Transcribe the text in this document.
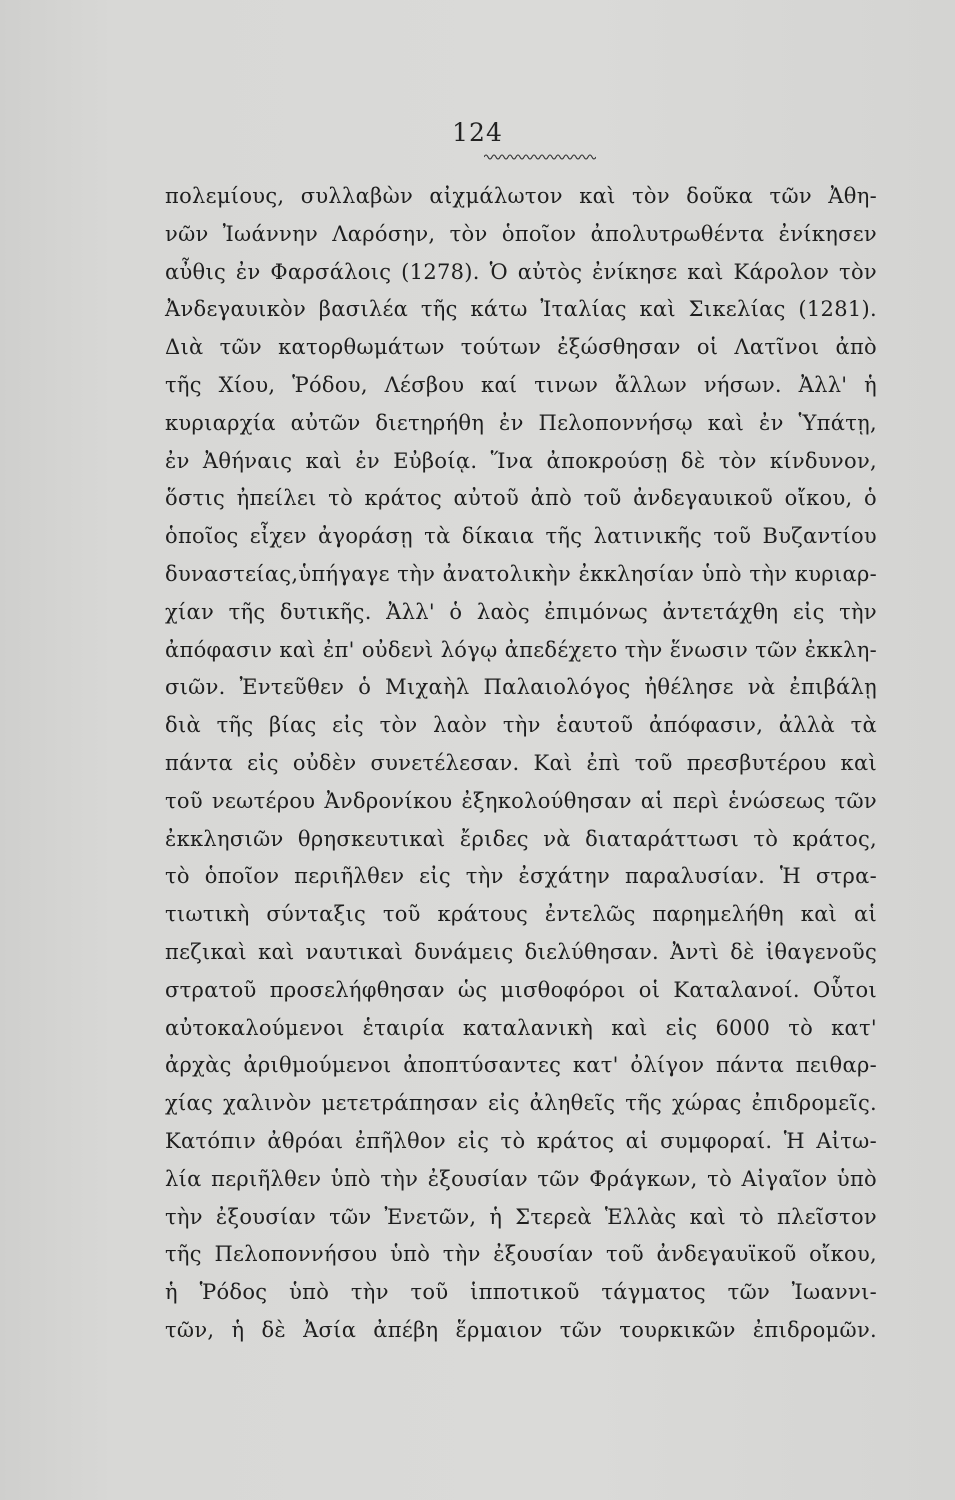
124
πολεμίους, συλλαβὼν αἰχμάλωτον καὶ τὸν δοῦκα τῶν Ἀθη-
νῶν Ἰωάννην Λαρόσην, τὸν ὁποῖον ἀπολυτρωθέντα ἐνίκησεν
αὖθις ἐν Φαρσάλοις (1278). Ὁ αὐτὸς ἐνίκησε καὶ Κάρολον τὸν
Ἀνδεγαυικὸν βασιλέα τῆς κάτω Ἰταλίας καὶ Σικελίας (1281).
Διὰ τῶν κατορθωμάτων τούτων ἐξώσθησαν οἱ Λατῖνοι ἀπὸ
τῆς Χίου, Ῥόδου, Λέσβου καί τινων ἄλλων νήσων. Ἀλλ' ἡ
κυριαρχία αὐτῶν διετηρήθη ἐν Πελοποννήσῳ καὶ ἐν Ὑπάτῃ,
ἐν Ἀθήναις καὶ ἐν Εὐβοίᾳ. Ἵνα ἀποκρούσῃ δὲ τὸν κίνδυνον,
ὅστις ἠπείλει τὸ κράτος αὐτοῦ ἀπὸ τοῦ ἀνδεγαυικοῦ οἴκου, ὁ
ὁποῖος εἶχεν ἀγοράσῃ τὰ δίκαια τῆς λατινικῆς τοῦ Βυζαντίου
δυναστείας,ὑπήγαγε τὴν ἀνατολικὴν ἐκκλησίαν ὑπὸ τὴν κυριαρ-
χίαν τῆς δυτικῆς. Ἀλλ' ὁ λαὸς ἐπιμόνως ἀντετάχθη εἰς τὴν
ἀπόφασιν καὶ ἐπ' οὐδενὶ λόγῳ ἀπεδέχετο τὴν ἕνωσιν τῶν ἐκκλη-
σιῶν. Ἐντεῦθεν ὁ Μιχαὴλ Παλαιολόγος ἠθέλησε νὰ ἐπιβάλῃ
διὰ τῆς βίας εἰς τὸν λαὸν τὴν ἑαυτοῦ ἀπόφασιν, ἀλλὰ τὰ
πάντα εἰς οὐδὲν συνετέλεσαν. Καὶ ἐπὶ τοῦ πρεσβυτέρου καὶ
τοῦ νεωτέρου Ἀνδρονίκου ἐξηκολούθησαν αἱ περὶ ἑνώσεως τῶν
ἐκκλησιῶν θρησκευτικαὶ ἔριδες νὰ διαταράττωσι τὸ κράτος,
τὸ ὁποῖον περιῆλθεν εἰς τὴν ἐσχάτην παραλυσίαν. Ἡ στρα-
τιωτικὴ σύνταξις τοῦ κράτους ἐντελῶς παρημελήθη καὶ αἱ
πεζικαὶ καὶ ναυτικαὶ δυνάμεις διελύθησαν. Ἀντὶ δὲ ἰθαγενοῦς
στρατοῦ προσελήφθησαν ὡς μισθοφόροι οἱ Καταλανοί. Οὗτοι
αὐτοκαλούμενοι ἑταιρία καταλανικὴ καὶ εἰς 6000 τὸ κατ'
ἀρχὰς ἀριθμούμενοι ἀποπτύσαντες κατ' ὀλίγον πάντα πειθαρ-
χίας χαλινὸν μετετράπησαν εἰς ἀληθεῖς τῆς χώρας ἐπιδρομεῖς.
Κατόπιν ἀθρόαι ἐπῆλθον εἰς τὸ κράτος αἱ συμφοραί. Ἡ Αἰτω-
λία περιῆλθεν ὑπὸ τὴν ἐξουσίαν τῶν Φράγκων, τὸ Αἰγαῖον ὑπὸ
τὴν ἐξουσίαν τῶν Ἐνετῶν, ἡ Στερεὰ Ἑλλὰς καὶ τὸ πλεῖστον
τῆς Πελοποννήσου ὑπὸ τὴν ἐξουσίαν τοῦ ἀνδεγαυϊκοῦ οἴκου,
ἡ Ῥόδος ὑπὸ τὴν τοῦ ἱπποτικοῦ τάγματος τῶν Ἰωαννι-
τῶν, ἡ δὲ Ἀσία ἀπέβη ἕρμαιον τῶν τουρκικῶν ἐπιδρομῶν.
